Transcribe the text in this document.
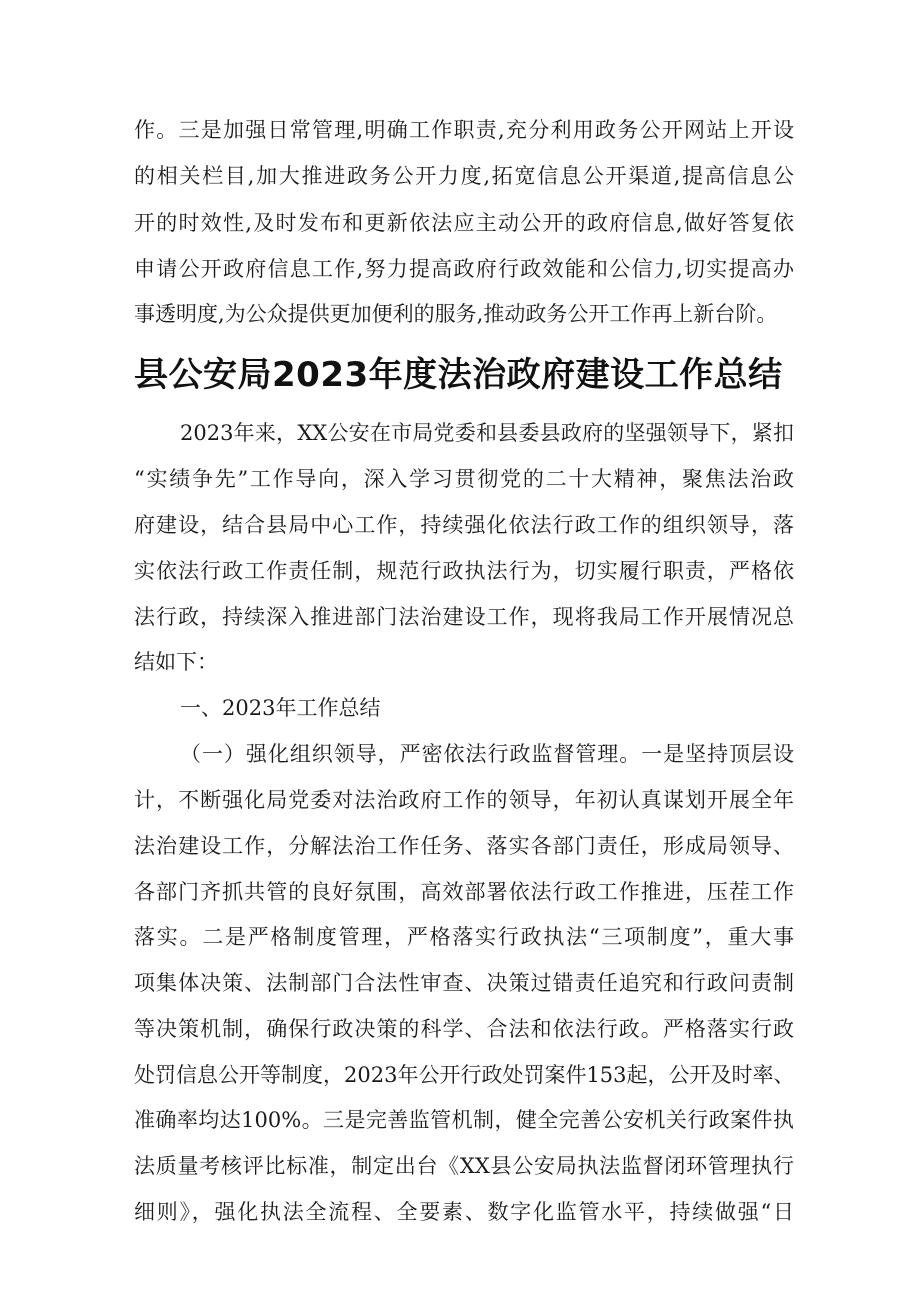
作。三是加强日常管理,明确工作职责,充分利用政务公开网站上开设

的相关栏目,加大推进政务公开力度,拓宽信息公开渠道,提高信息公

开的时效性,及时发布和更新依法应主动公开的政府信息,做好答复依

申请公开政府信息工作,努力提高政府行政效能和公信力,切实提高办

事透明度,为公众提供更加便利的服务,推动政务公开工作再上新台阶。

县公安局2023年度法治政府建设工作总结

2023年来，XX公安在市局党委和县委县政府的坚强领导下，紧扣

“实绩争先”工作导向，深入学习贯彻党的二十大精神，聚焦法治政

府建设，结合县局中心工作，持续强化依法行政工作的组织领导，落

实依法行政工作责任制，规范行政执法行为，切实履行职责，严格依

法行政，持续深入推进部门法治建设工作，现将我局工作开展情况总

结如下：

一、2023年工作总结

（一）强化组织领导，严密依法行政监督管理。一是坚持顶层设

计，不断强化局党委对法治政府工作的领导，年初认真谋划开展全年

法治建设工作，分解法治工作任务、落实各部门责任，形成局领导、

各部门齐抓共管的良好氛围，高效部署依法行政工作推进，压茬工作

落实。二是严格制度管理，严格落实行政执法“三项制度”，重大事

项集体决策、法制部门合法性审查、决策过错责任追究和行政问责制

等决策机制，确保行政决策的科学、合法和依法行政。严格落实行政

处罚信息公开等制度，2023年公开行政处罚案件153起，公开及时率、

准确率均达100%。三是完善监管机制，健全完善公安机关行政案件执

法质量考核评比标准，制定出台《XX县公安局执法监督闭环管理执行

细则》，强化执法全流程、全要素、数字化监管水平，持续做强“日
